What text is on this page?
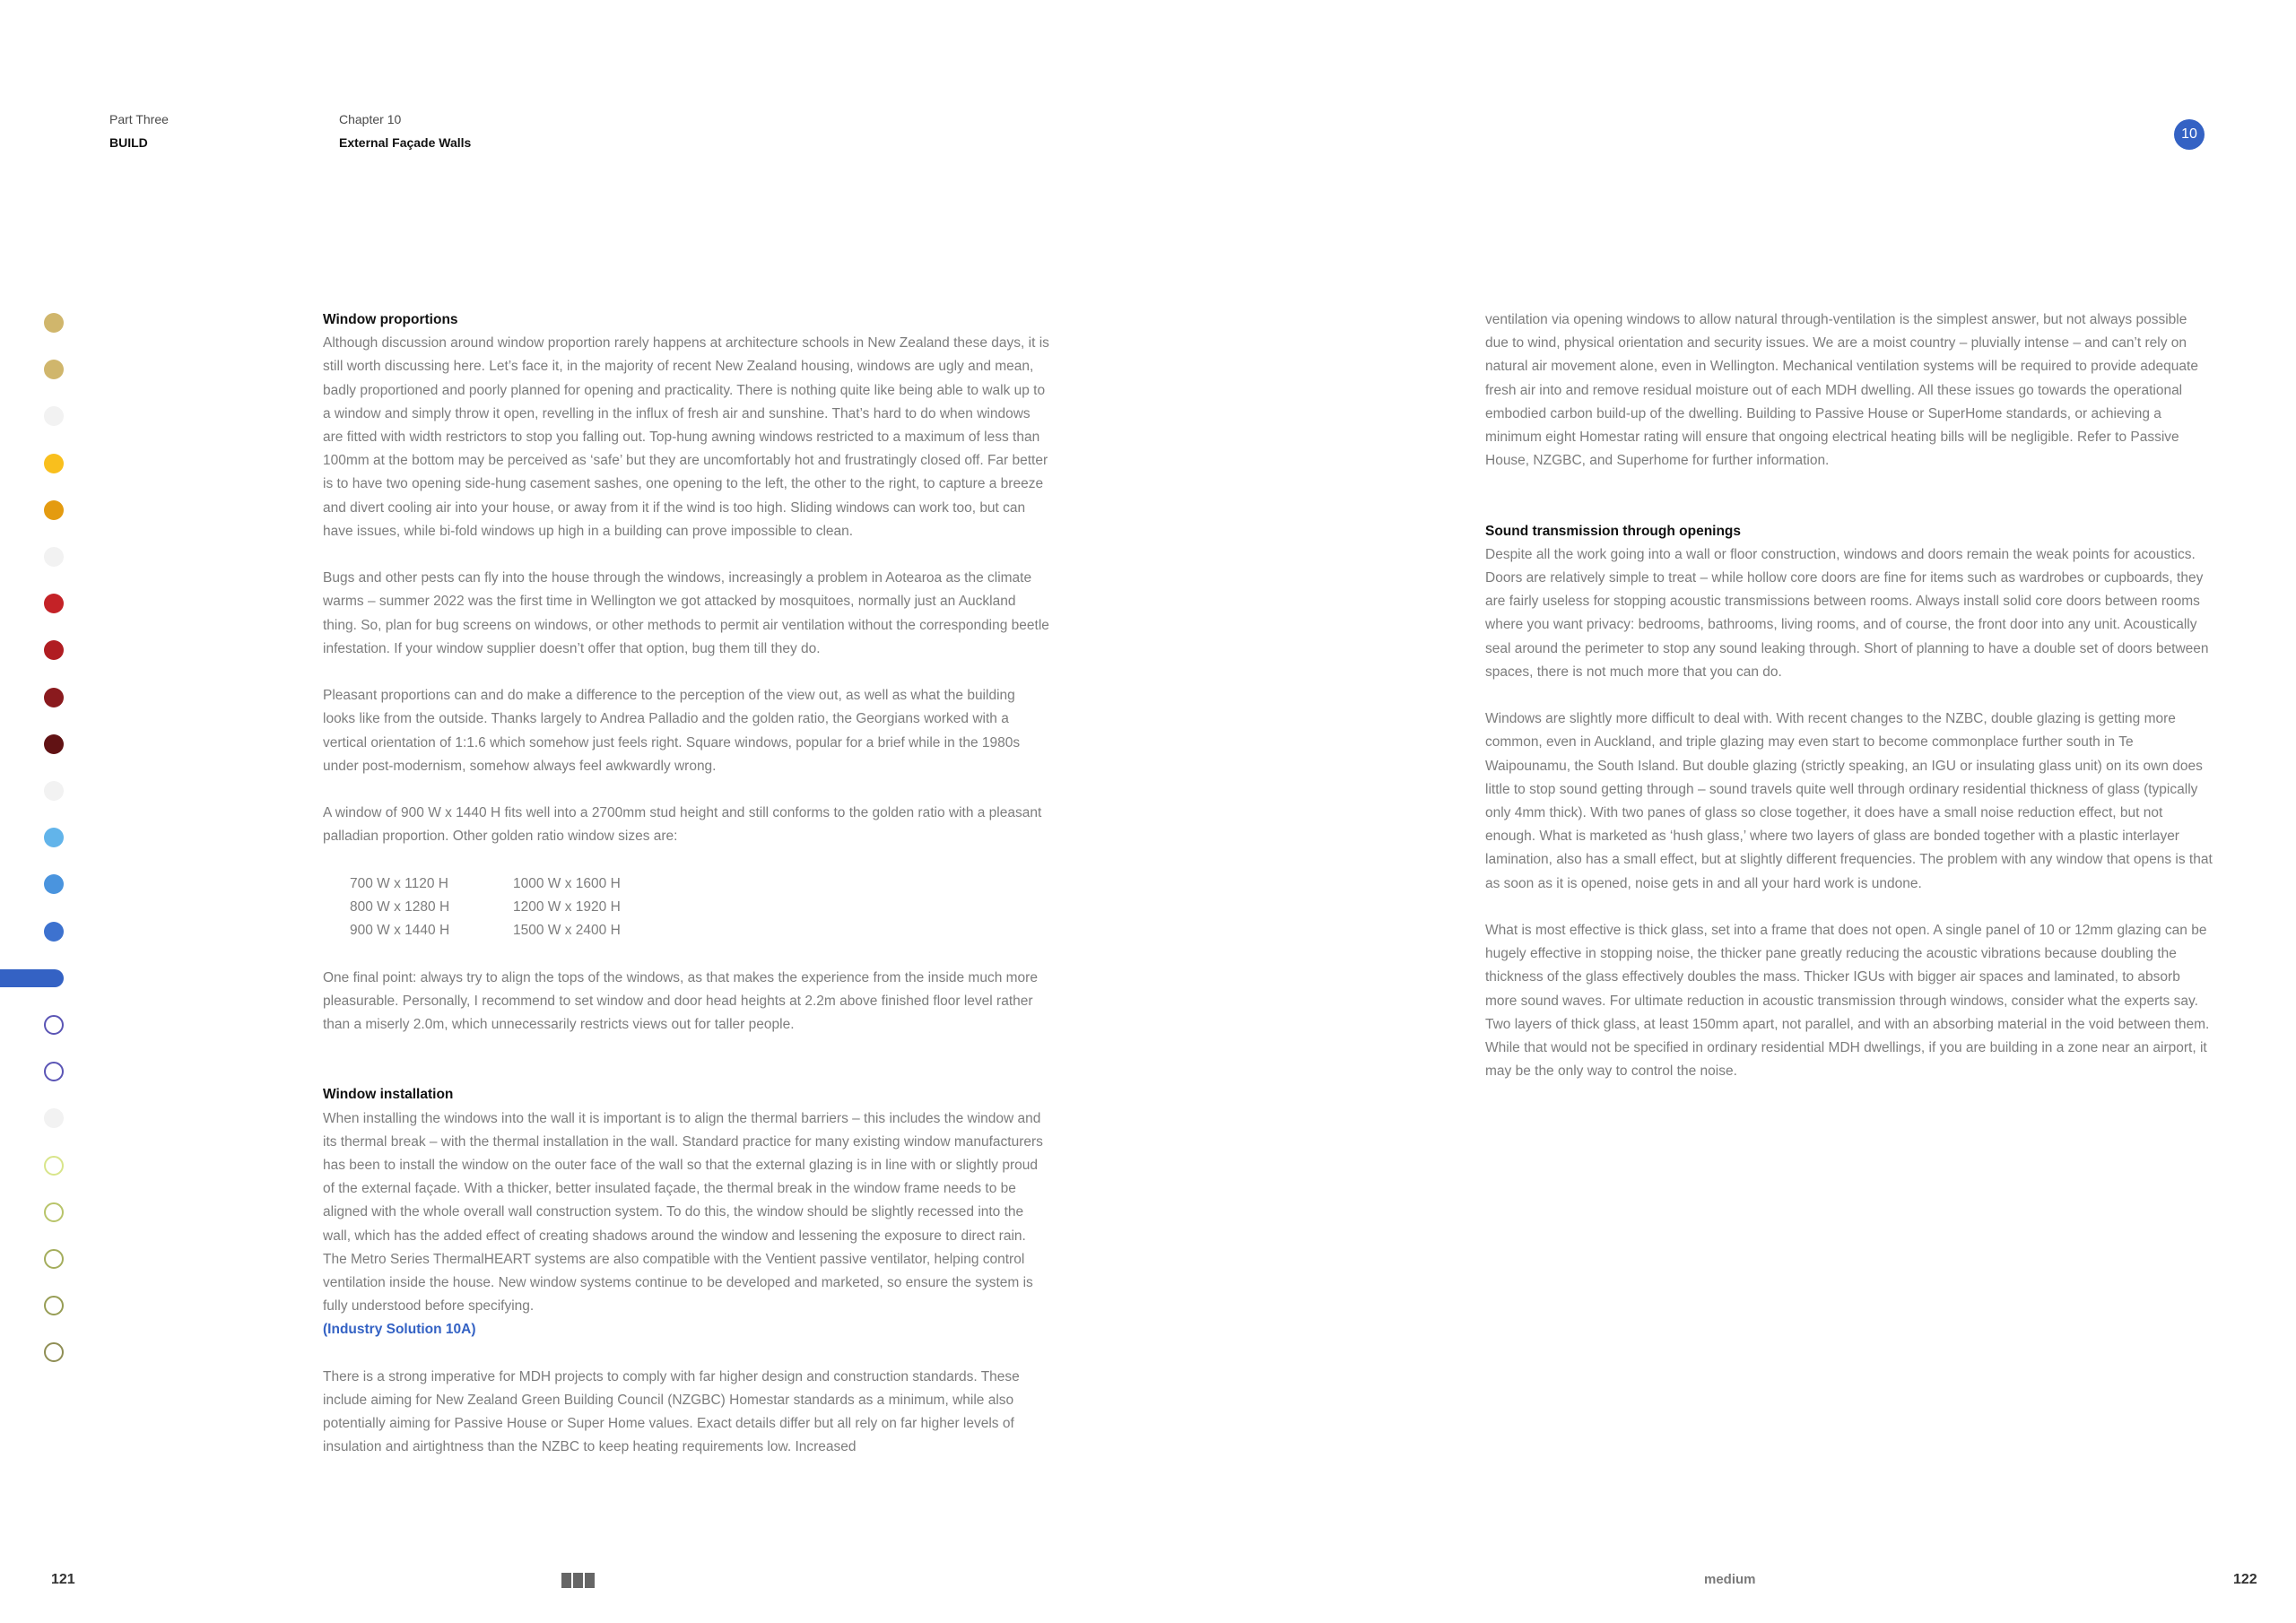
Part Three
BUILD
Chapter 10
External Façade Walls
10
Window proportions

Although discussion around window proportion rarely happens at architecture schools in New Zealand these days, it is still worth discussing here. Let’s face it, in the majority of recent New Zealand housing, windows are ugly and mean, badly proportioned and poorly planned for opening and practicality. There is nothing quite like being able to walk up to a window and simply throw it open, revelling in the influx of fresh air and sunshine. That’s hard to do when windows are fitted with width restrictors to stop you falling out. Top-hung awning windows restricted to a maximum of less than 100mm at the bottom may be perceived as ‘safe’ but they are uncomfortably hot and frustratingly closed off. Far better is to have two opening side-hung casement sashes, one opening to the left, the other to the right, to capture a breeze and divert cooling air into your house, or away from it if the wind is too high. Sliding windows can work too, but can have issues, while bi-fold windows up high in a building can prove impossible to clean.

Bugs and other pests can fly into the house through the windows, increasingly a problem in Aotearoa as the climate warms – summer 2022 was the first time in Wellington we got attacked by mosquitoes, normally just an Auckland thing. So, plan for bug screens on windows, or other methods to permit air ventilation without the corresponding beetle infestation. If your window supplier doesn’t offer that option, bug them till they do.

Pleasant proportions can and do make a difference to the perception of the view out, as well as what the building looks like from the outside. Thanks largely to Andrea Palladio and the golden ratio, the Georgians worked with a vertical orientation of 1:1.6 which somehow just feels right. Square windows, popular for a brief while in the 1980s under post-modernism, somehow always feel awkwardly wrong.

A window of 900 W x 1440 H fits well into a 2700mm stud height and still conforms to the golden ratio with a pleasant palladian proportion. Other golden ratio window sizes are:

700 W x 1120 H	1000 W x 1600 H
800 W x 1280 H	1200 W x 1920 H
900 W x 1440 H	1500 W x 2400 H

One final point: always try to align the tops of the windows, as that makes the experience from the inside much more pleasurable. Personally, I recommend to set window and door head heights at 2.2m above finished floor level rather than a miserly 2.0m, which unnecessarily restricts views out for taller people.

Window installation

When installing the windows into the wall it is important is to align the thermal barriers – this includes the window and its thermal break – with the thermal installation in the wall. Standard practice for many existing window manufacturers has been to install the window on the outer face of the wall so that the external glazing is in line with or slightly proud of the external façade. With a thicker, better insulated façade, the thermal break in the window frame needs to be aligned with the whole overall wall construction system. To do this, the window should be slightly recessed into the wall, which has the added effect of creating shadows around the window and lessening the exposure to direct rain. The Metro Series ThermalHEART systems are also compatible with the Ventient passive ventilator, helping control ventilation inside the house. New window systems continue to be developed and marketed, so ensure the system is fully understood before specifying.

(Industry Solution 10A)

There is a strong imperative for MDH projects to comply with far higher design and construction standards. These include aiming for New Zealand Green Building Council (NZGBC) Homestar standards as a minimum, while also potentially aiming for Passive House or Super Home values. Exact details differ but all rely on far higher levels of insulation and airtightness than the NZBC to keep heating requirements low. Increased

ventilation via opening windows to allow natural through-ventilation is the simplest answer, but not always possible due to wind, physical orientation and security issues. We are a moist country – pluvially intense – and can’t rely on natural air movement alone, even in Wellington. Mechanical ventilation systems will be required to provide adequate fresh air into and remove residual moisture out of each MDH dwelling. All these issues go towards the operational embodied carbon build-up of the dwelling. Building to Passive House or SuperHome standards, or achieving a minimum eight Homestar rating will ensure that ongoing electrical heating bills will be negligible. Refer to Passive House, NZGBC, and Superhome for further information.

Sound transmission through openings

Despite all the work going into a wall or floor construction, windows and doors remain the weak points for acoustics. Doors are relatively simple to treat – while hollow core doors are fine for items such as wardrobes or cupboards, they are fairly useless for stopping acoustic transmissions between rooms. Always install solid core doors between rooms where you want privacy: bedrooms, bathrooms, living rooms, and of course, the front door into any unit. Acoustically seal around the perimeter to stop any sound leaking through. Short of planning to have a double set of doors between spaces, there is not much more that you can do.

Windows are slightly more difficult to deal with. With recent changes to the NZBC, double glazing is getting more common, even in Auckland, and triple glazing may even start to become commonplace further south in Te Waipounamu, the South Island. But double glazing (strictly speaking, an IGU or insulating glass unit) on its own does little to stop sound getting through – sound travels quite well through ordinary residential thickness of glass (typically only 4mm thick). With two panes of glass so close together, it does have a small noise reduction effect, but not enough. What is marketed as ‘hush glass,’ where two layers of glass are bonded together with a plastic interlayer lamination, also has a small effect, but at slightly different frequencies. The problem with any window that opens is that as soon as it is opened, noise gets in and all your hard work is undone.

What is most effective is thick glass, set into a frame that does not open. A single panel of 10 or 12mm glazing can be hugely effective in stopping noise, the thicker pane greatly reducing the acoustic vibrations because doubling the thickness of the glass effectively doubles the mass. Thicker IGUs with bigger air spaces and laminated, to absorb more sound waves. For ultimate reduction in acoustic transmission through windows, consider what the experts say. Two layers of thick glass, at least 150mm apart, not parallel, and with an absorbing material in the void between them. While that would not be specified in ordinary residential MDH dwellings, if you are building in a zone near an airport, it may be the only way to control the noise.

121	medium	122
